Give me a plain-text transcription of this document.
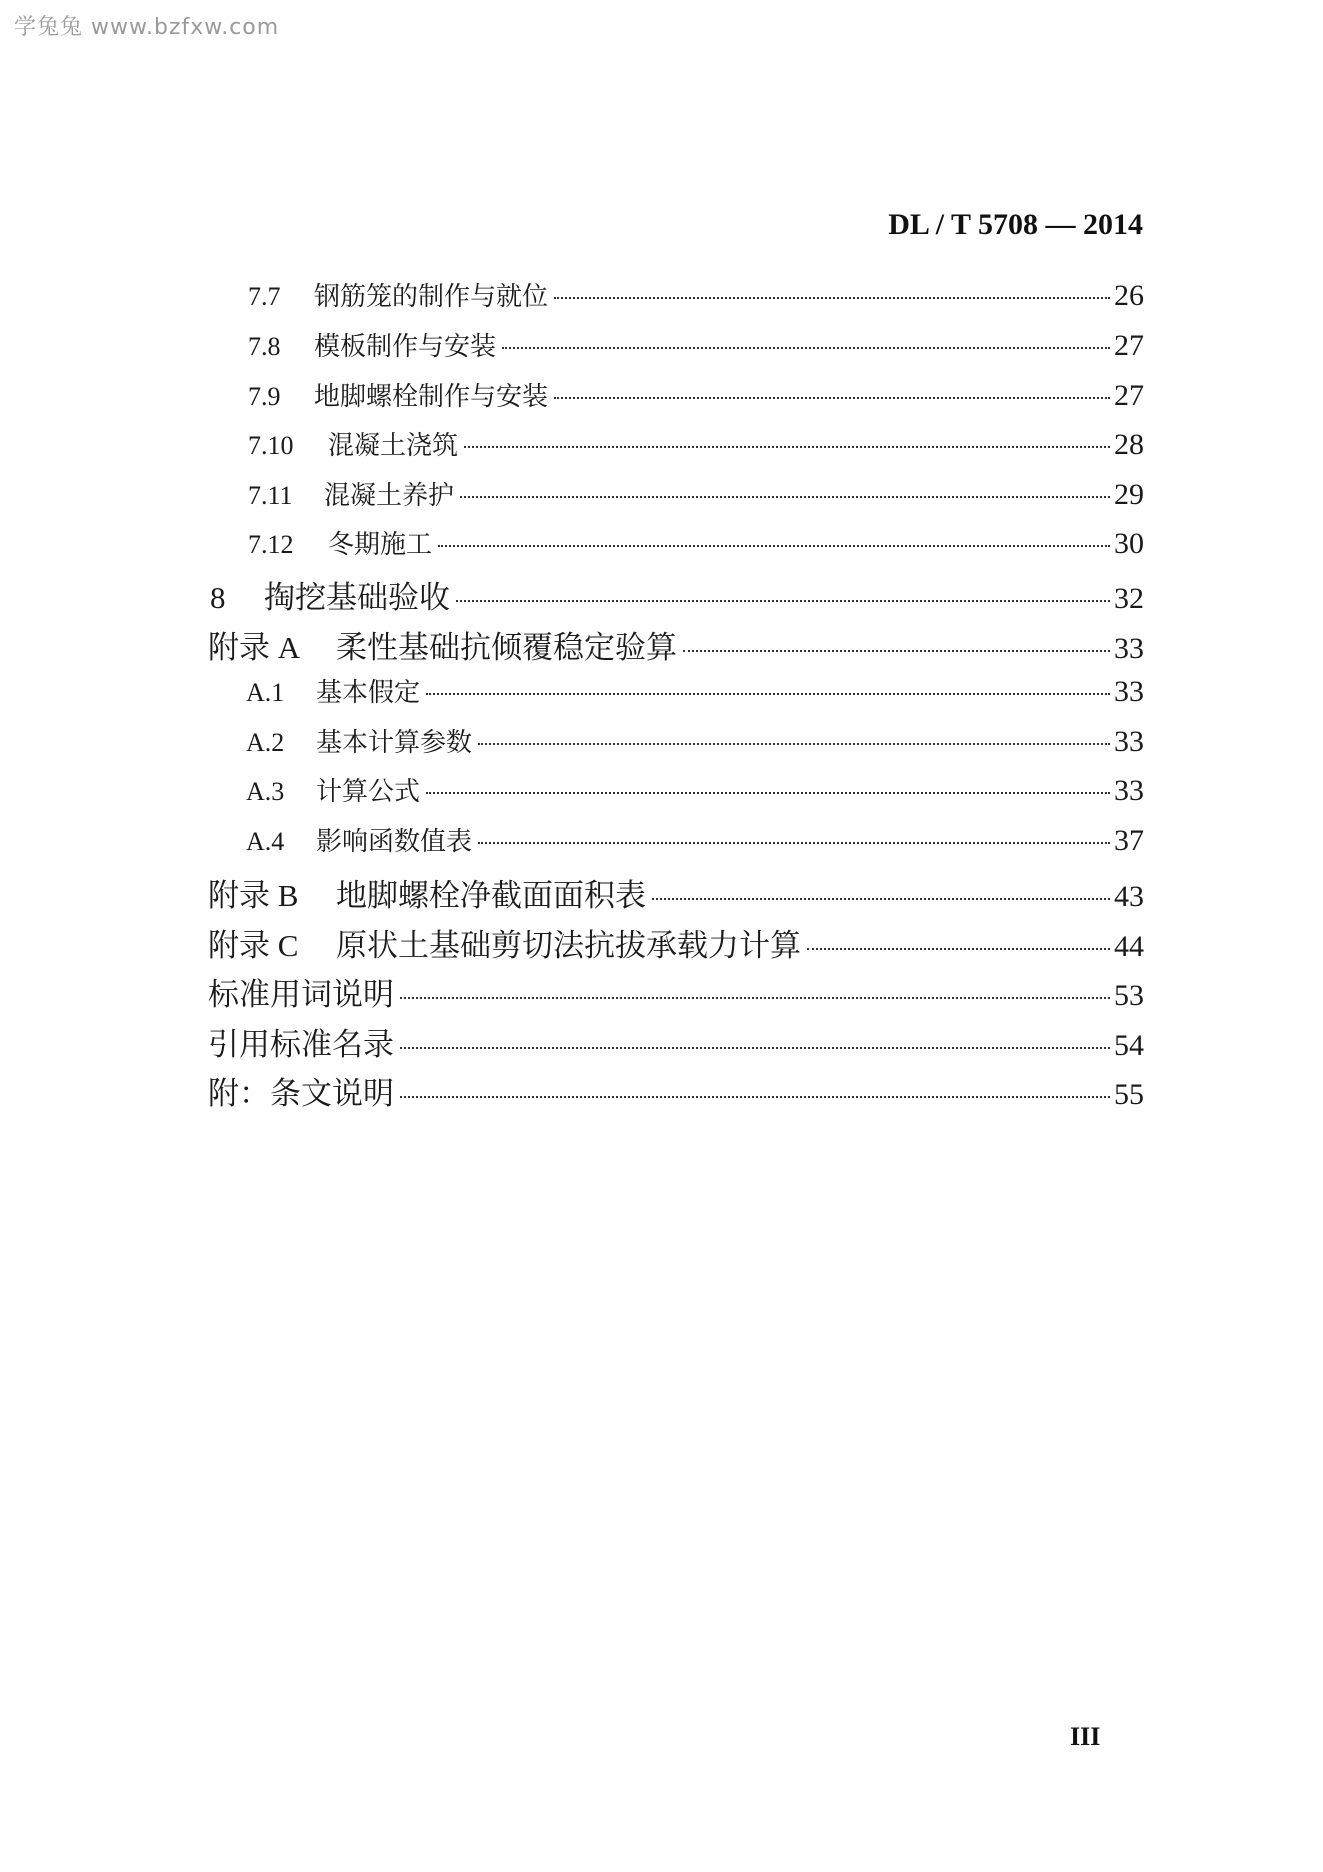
学兔兔 www.bzfxw.com
DL / T 5708 — 2014
7.7	钢筋笼的制作与就位	26
7.8	模板制作与安装	27
7.9	地脚螺栓制作与安装	27
7.10	混凝土浇筑	28
7.11	混凝土养护	29
7.12	冬期施工	30
8	掏挖基础验收	32
附录 A	柔性基础抗倾覆稳定验算	33
A.1	基本假定	33
A.2	基本计算参数	33
A.3	计算公式	33
A.4	影响函数值表	37
附录 B	地脚螺栓净截面面积表	43
附录 C	原状土基础剪切法抗拔承载力计算	44
标准用词说明	53
引用标准名录	54
附：条文说明	55
III
